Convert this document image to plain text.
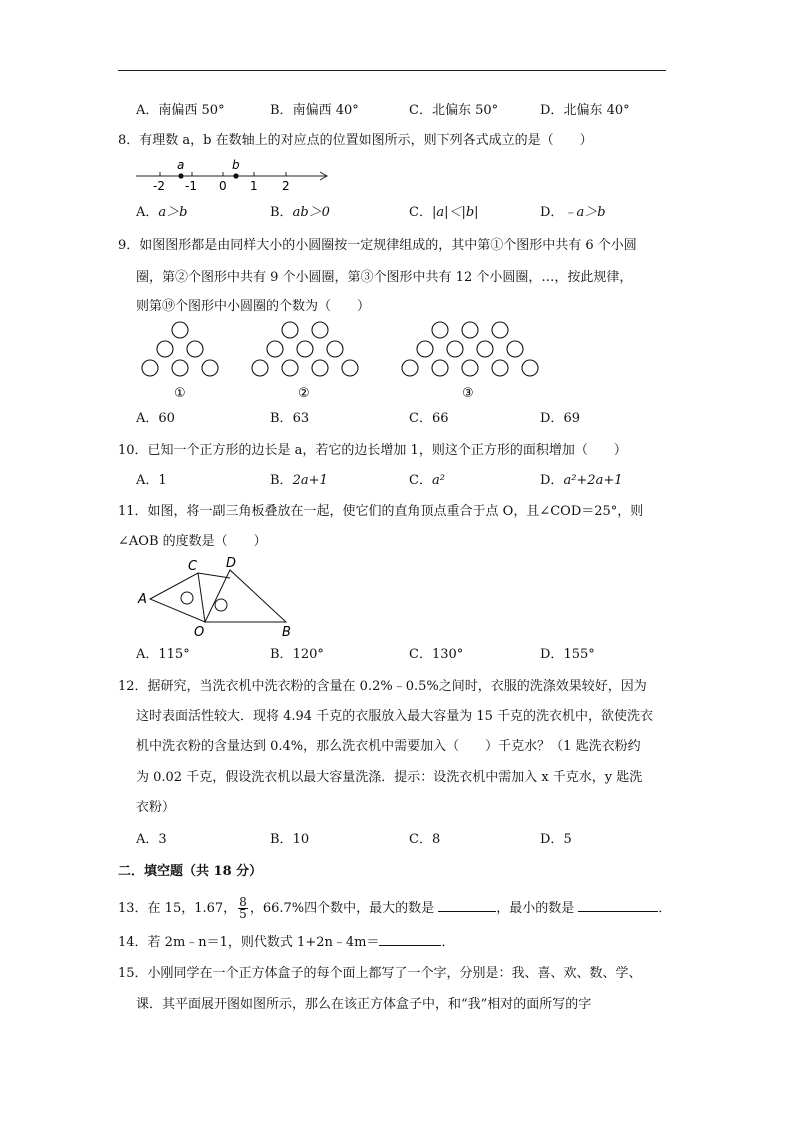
A．南偏西 50°	B．南偏西 40°	C．北偏东 50°	D．北偏东 40°
8．有理数 a，b 在数轴上的对应点的位置如图所示，则下列各式成立的是（　　）
a	b
-2 -1 0 1 2
A．a＞b	B．ab＞0	C．|a|＜|b|	D．﹣a＞b
9．如图图形都是由同样大小的小圆圈按一定规律组成的，其中第①个图形中共有 6 个小圆
圈，第②个图形中共有 9 个小圆圈，第③个图形中共有 12 个小圆圈，…，按此规律，
则第⑲个图形中小圆圈的个数为（　　）
①	②	③
A．60	B．63	C．66	D．69
10．已知一个正方形的边长是 a，若它的边长增加 1，则这个正方形的面积增加（　　）
A．1	B．2a+1	C．a²	D．a²+2a+1
11．如图，将一副三角板叠放在一起，使它们的直角顶点重合于点 O，且∠COD＝25°，则
∠AOB 的度数是（　　）
A
C D
O	B
A．115°	B．120°	C．130°	D．155°
12．据研究，当洗衣机中洗衣粉的含量在 0.2%﹣0.5%之间时，衣服的洗涤效果较好，因为
这时表面活性较大．现将 4.94 千克的衣服放入最大容量为 15 千克的洗衣机中，欲使洗衣
机中洗衣粉的含量达到 0.4%，那么洗衣机中需要加入（　　）千克水？（1 匙洗衣粉约
为 0.02 千克，假设洗衣机以最大容量洗涤．提示：设洗衣机中需加入 x 千克水，y 匙洗
衣粉）
A．3	B．10	C．8	D．5
二．填空题（共 18 分）
13．在 15，1.67， $\frac{8}{5}$ ，66.7%四个数中，最大的数是	，最小的数是	．
14．若 2m﹣n＝1，则代数式 1+2n﹣4m＝	．
15．小刚同学在一个正方体盒子的每个面上都写了一个字，分别是：我、喜、欢、数、学、
课．其平面展开图如图所示，那么在该正方体盒子中，和“我”相对的面所写的字
